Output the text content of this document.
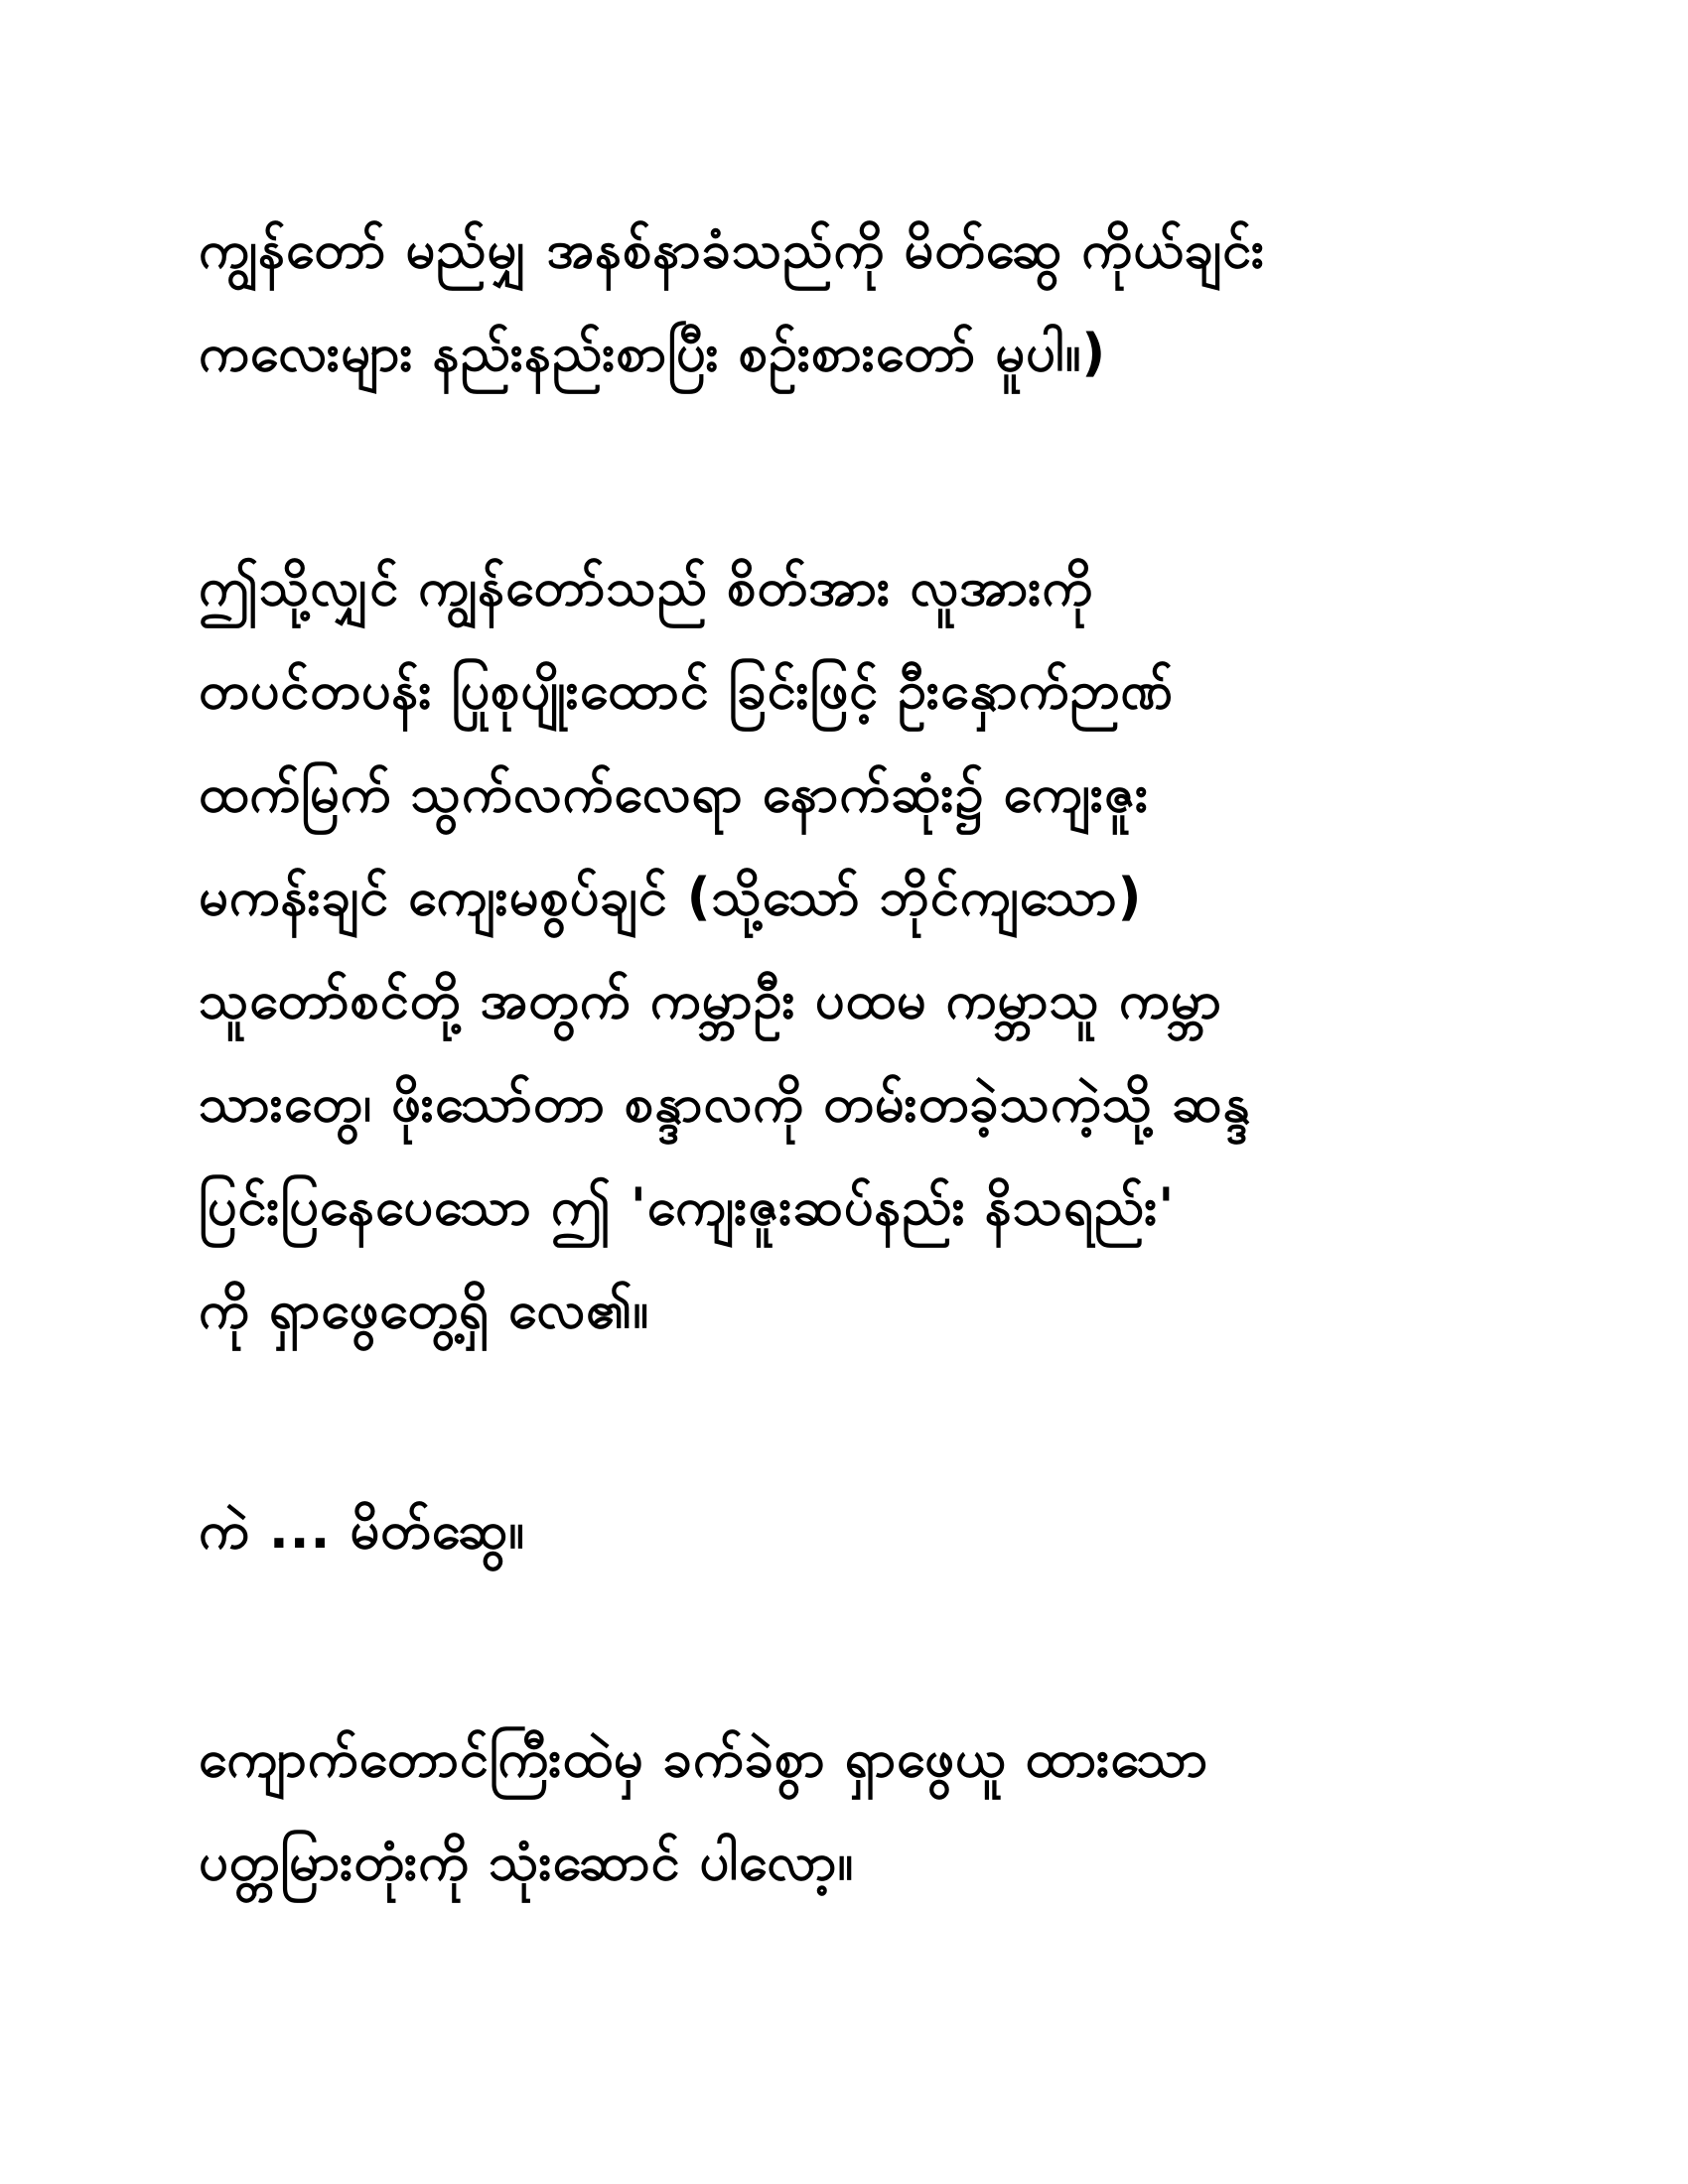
ကျွန်တော် မည်မျှ အနစ်နာခံသည်ကို မိတ်ဆွေ ကိုယ်ချင်း
ကလေးများ နည်းနည်းစာပြီး စဉ်းစားတော် မူပါ။)
ဤသို့လျှင် ကျွန်တော်သည် စိတ်အား လူအားကို
တပင်တပန်း ပြုစုပျိုးထောင် ခြင်းဖြင့် ဦးနှောက်ဉာဏ်
ထက်မြက် သွက်လက်လေရာ နောက်ဆုံး၌ ကျေးဇူး
မကန်းချင် ကျေးမစွပ်ချင် (သို့သော် ဘိုင်ကျသော)
သူတော်စင်တို့ အတွက် ကမ္ဘာဦး ပထမ ကမ္ဘာသူ ကမ္ဘာ
သားတွေ၊ ဖိုးသော်တာ စန္ဒာလကို တမ်းတခဲ့သကဲ့သို့ ဆန္ဒ
ပြင်းပြနေပေသော ဤ 'ကျေးဇူးဆပ်နည်း နိသရည်း'
ကို ရှာဖွေတွေ့ရှိ လေ၏။
ကဲ ... မိတ်ဆွေ။
ကျောက်တောင်ကြီးထဲမှ ခက်ခဲစွာ ရှာဖွေယူ ထားသော
ပတ္တမြားတုံးကို သုံးဆောင် ပါလော့။
